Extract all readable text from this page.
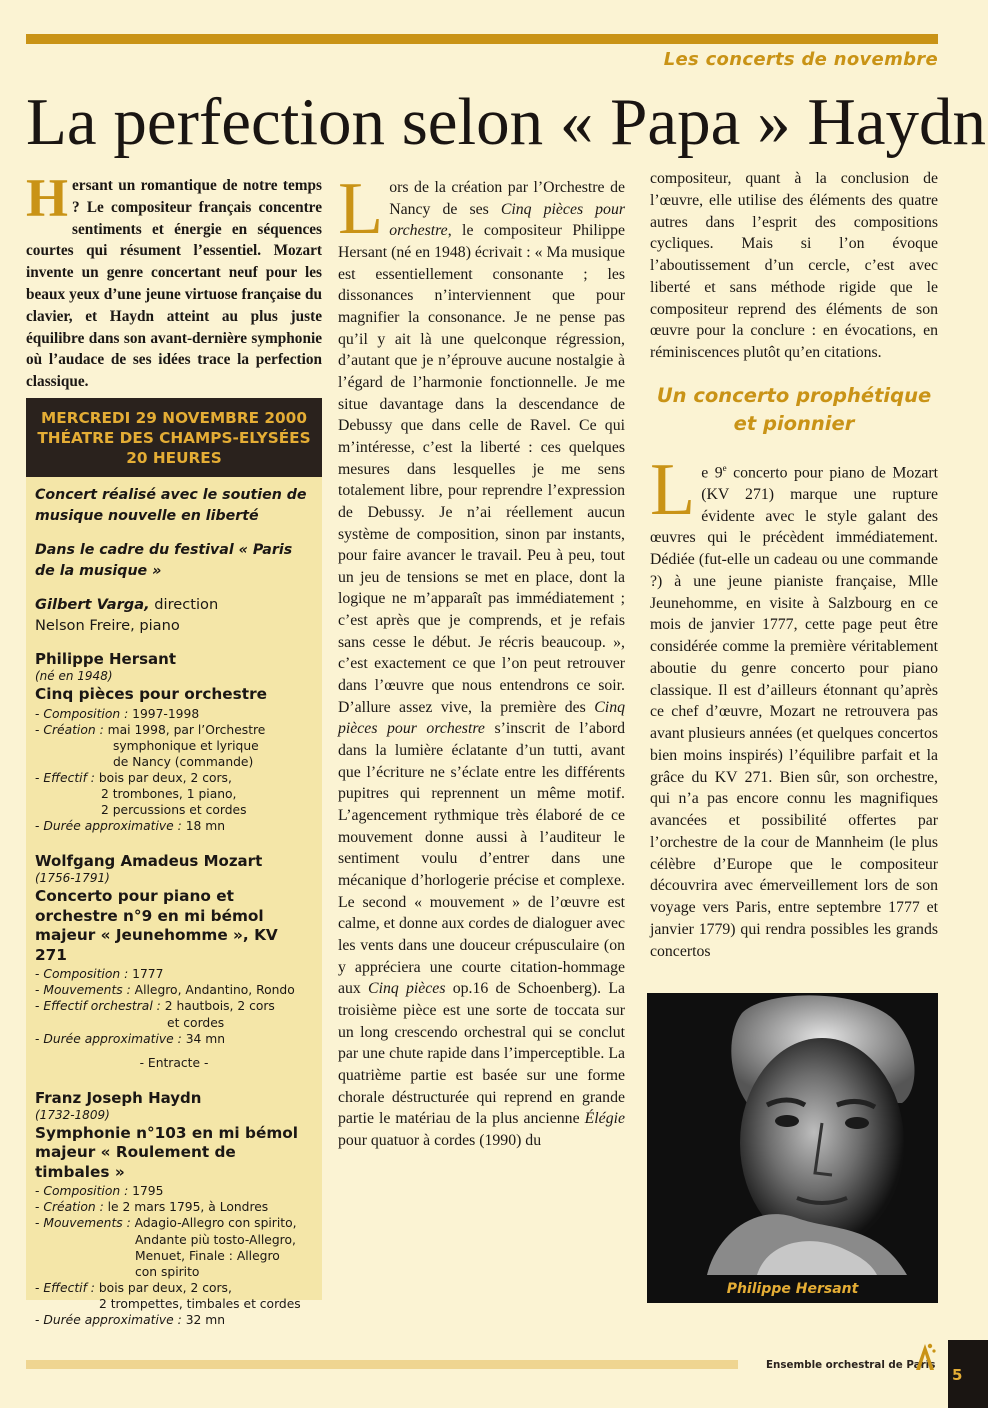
Les concerts de novembre
La perfection selon « Papa » Haydn

Hersant un romantique de notre temps ? Le compositeur français concentre sentiments et énergie en séquences courtes qui résument l’essentiel. Mozart invente un genre concertant neuf pour les beaux yeux d’une jeune virtuose française du clavier, et Haydn atteint au plus juste équilibre dans son avant-dernière symphonie où l’audace de ses idées trace la perfection classique.

MERCREDI 29 NOVEMBRE 2000
THÉATRE DES CHAMPS-ELYSÉES
20 HEURES

Concert réalisé avec le soutien de musique nouvelle en liberté

Dans le cadre du festival « Paris de la musique »

Gilbert Varga, direction
Nelson Freire, piano

Philippe Hersant

(né en 1948)

Cinq pièces pour orchestre

- Composition : 1997-1998

- Création : mai 1998, par l’Orchestre
symphonique et lyrique
de Nancy (commande)

- Effectif : bois par deux, 2 cors,
2 trombones, 1 piano,
2 percussions et cordes

- Durée approximative : 18 mn

Wolfgang Amadeus Mozart

(1756-1791)

Concerto pour piano et orchestre n°9 en mi bémol majeur « Jeunehomme », KV 271

- Composition : 1777

- Mouvements : Allegro, Andantino, Rondo

- Effectif orchestral : 2 hautbois, 2 cors
et cordes

- Durée approximative : 34 mn

- Entracte -

Franz Joseph Haydn

(1732-1809)

Symphonie n°103 en mi bémol majeur « Roulement de timbales »

- Composition : 1795

- Création : le 2 mars 1795, à Londres

- Mouvements : Adagio-Allegro con spirito,
Andante più tosto-Allegro,
Menuet, Finale : Allegro
con spirito

- Effectif : bois par deux, 2 cors,
2 trompettes, timbales et cordes

- Durée approximative : 32 mn

Lors de la création par l’Orchestre de Nancy de ses Cinq pièces pour orchestre, le compositeur Philippe Hersant (né en 1948) écrivait : « Ma musique est essentiellement consonante ; les dissonances n’interviennent que pour magnifier la consonance. Je ne pense pas qu’il y ait là une quelconque régression, d’autant que je n’éprouve aucune nostalgie à l’égard de l’harmonie fonctionnelle. Je me situe davantage dans la descendance de Debussy que dans celle de Ravel. Ce qui m’intéresse, c’est la liberté : ces quelques mesures dans lesquelles je me sens totalement libre, pour reprendre l’expression de Debussy. Je n’ai réellement aucun système de composition, sinon par instants, pour faire avancer le travail. Peu à peu, tout un jeu de tensions se met en place, dont la logique ne m’apparaît pas immédiatement ; c’est après que je comprends, et je refais sans cesse le début. Je récris beaucoup. », c’est exactement ce que l’on peut retrouver dans l’œuvre que nous entendrons ce soir. D’allure assez vive, la première des Cinq pièces pour orchestre s’inscrit de l’abord dans la lumière éclatante d’un tutti, avant que l’écriture ne s’éclate entre les différents pupitres qui reprennent un même motif. L’agencement rythmique très élaboré de ce mouvement donne aussi à l’auditeur le sentiment voulu d’entrer dans une mécanique d’horlogerie précise et complexe. Le second « mouvement » de l’œuvre est calme, et donne aux cordes de dialoguer avec les vents dans une douceur crépusculaire (on y appréciera une courte citation-hommage aux Cinq pièces op.16 de Schoenberg). La troisième pièce est une sorte de toccata sur un long crescendo orchestral qui se conclut par une chute rapide dans l’imperceptible. La quatrième partie est basée sur une forme chorale déstructurée qui reprend en grande partie le matériau de la plus ancienne Élégie pour quatuor à cordes (1990) du

compositeur, quant à la conclusion de l’œuvre, elle utilise des éléments des quatre autres dans l’esprit des compositions cycliques. Mais si l’on évoque l’aboutissement d’un cercle, c’est avec liberté et sans méthode rigide que le compositeur reprend des éléments de son œuvre pour la conclure : en évocations, en réminiscences plutôt qu’en citations.

Un concerto prophétique et pionnier

Le 9e concerto pour piano de Mozart (KV 271) marque une rupture évidente avec le style galant des œuvres qui le précèdent immédiatement. Dédiée (fut-elle un cadeau ou une commande ?) à une jeune pianiste française, Mlle Jeunehomme, en visite à Salzbourg en ce mois de janvier 1777, cette page peut être considérée comme la première véritablement aboutie du genre concerto pour piano classique. Il est d’ailleurs étonnant qu’après ce chef d’œuvre, Mozart ne retrouvera pas avant plusieurs années (et quelques concertos bien moins inspirés) l’équilibre parfait et la grâce du KV 271. Bien sûr, son orchestre, qui n’a pas encore connu les magnifiques avancées et possibilité offertes par l’orchestre de la cour de Mannheim (le plus célèbre d’Europe que le compositeur découvrira avec émerveillement lors de son voyage vers Paris, entre septembre 1777 et janvier 1779) qui rendra possibles les grands concertos

Philippe Hersant
Ensemble orchestral de Paris
5
